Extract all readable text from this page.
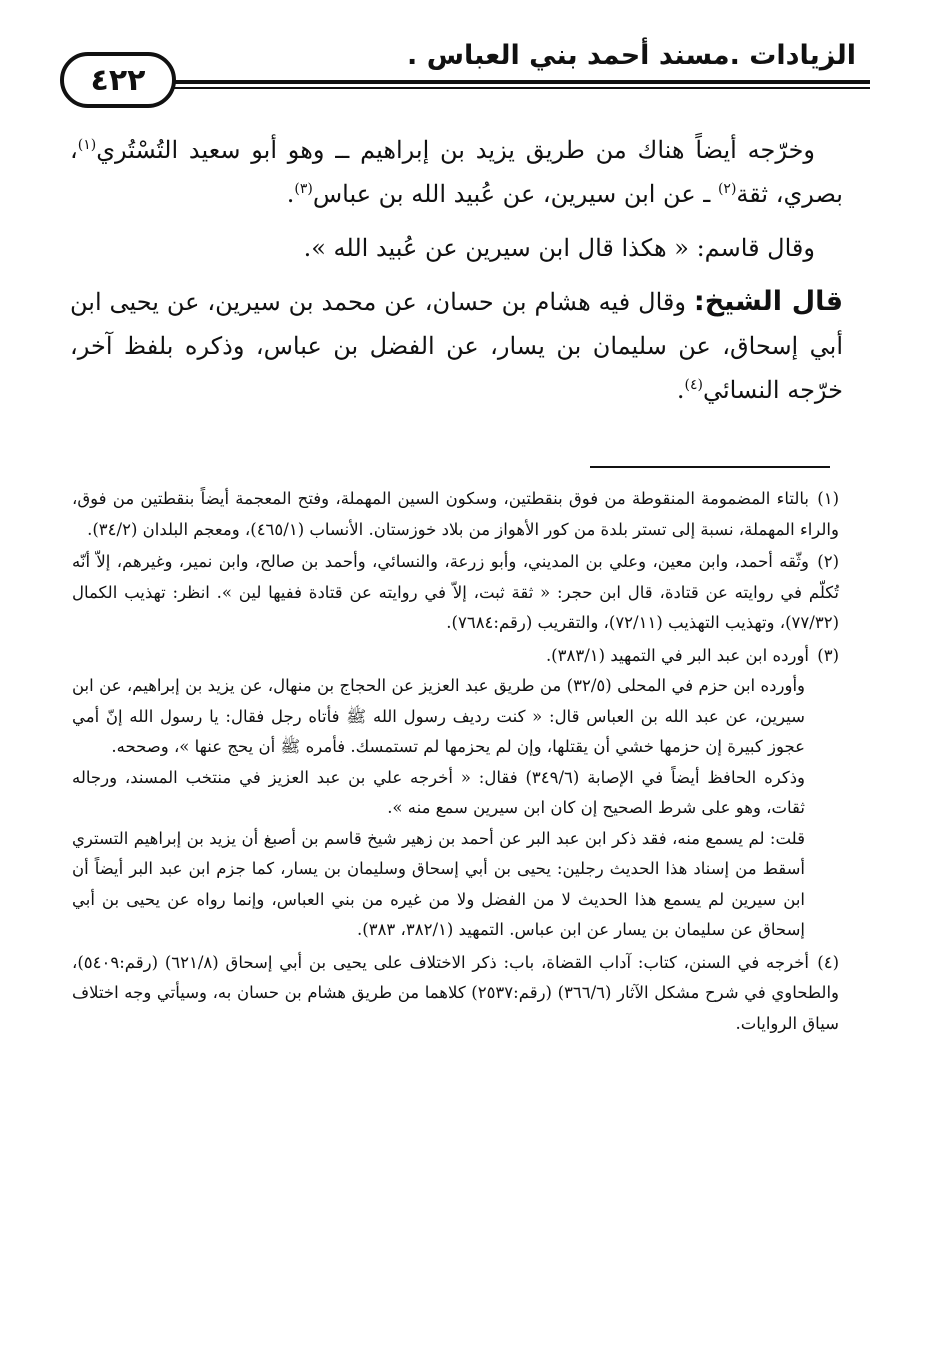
الزيادات .مسند أحمد بني العباس .
٤٢٢

وخرّجه أيضاً هناك من طريق يزيد بن إبراهيم ــ وهو أبو سعيد التُسْتُري$^{(١)}$، بصري، ثقة$^{(٢)}$ ـ عن ابن سيرين، عن عُبيد الله بن عباس$^{(٣)}$.

وقال قاسم: « هكذا قال ابن سيرين عن عُبيد الله ».

قال الشيخ: وقال فيه هشام بن حسان، عن محمد بن سيرين، عن يحيى ابن أبي إسحاق، عن سليمان بن يسار، عن الفضل بن عباس، وذكره بلفظ آخر، خرّجه النسائي$^{(٤)}$.

(١)بالتاء المضمومة المنقوطة من فوق بنقطتين، وسكون السين المهملة، وفتح المعجمة أيضاً بنقطتين من فوق، والراء المهملة، نسبة إلى تستر بلدة من كور الأهواز من بلاد خوزستان. الأنساب (٤٦٥/١)، ومعجم البلدان (٣٤/٢).

(٢)وثّقه أحمد، وابن معين، وعلي بن المديني، وأبو زرعة، والنسائي، وأحمد بن صالح، وابن نمير، وغيرهم، إلاّ أنّه تُكلّم في روايته عن قتادة، قال ابن حجر: « ثقة ثبت، إلاّ في روايته عن قتادة ففيها لين ». انظر: تهذيب الكمال (٧٧/٣٢)، وتهذيب التهذيب (٧٢/١١)، والتقريب (رقم:٧٦٨٤).

(٣)أورده ابن عبد البر في التمهيد (٣٨٣/١).

وأورده ابن حزم في المحلى (٣٢/٥) من طريق عبد العزيز عن الحجاج بن منهال، عن يزيد بن إبراهيم، عن ابن سيرين، عن عبد الله بن العباس قال: « كنت رديف رسول الله ﷺ فأتاه رجل فقال: يا رسول الله إنّ أمي عجوز كبيرة إن حزمها خشي أن يقتلها، وإن لم يحزمها لم تستمسك. فأمره ﷺ أن يحج عنها »، وصححه.

وذكره الحافظ أيضاً في الإصابة (٣٤٩/٦) فقال: « أخرجه علي بن عبد العزيز في منتخب المسند، ورجاله ثقات، وهو على شرط الصحيح إن كان ابن سيرين سمع منه ».

قلت: لم يسمع منه، فقد ذكر ابن عبد البر عن أحمد بن زهير شيخ قاسم بن أصبغ أن يزيد بن إبراهيم التستري أسقط من إسناد هذا الحديث رجلين: يحيى بن أبي إسحاق وسليمان بن يسار، كما جزم ابن عبد البر أيضاً أن ابن سيرين لم يسمع هذا الحديث لا من الفضل ولا من غيره من بني العباس، وإنما رواه عن يحيى بن أبي إسحاق عن سليمان بن يسار عن ابن عباس. التمهيد (٣٨٢/١، ٣٨٣).

(٤)أخرجه في السنن، كتاب: آداب القضاة، باب: ذكر الاختلاف على يحيى بن أبي إسحاق (٦٢١/٨) (رقم:٥٤٠٩)، والطحاوي في شرح مشكل الآثار (٣٦٦/٦) (رقم:٢٥٣٧) كلاهما من طريق هشام بن حسان به، وسيأتي وجه اختلاف سياق الروايات.
